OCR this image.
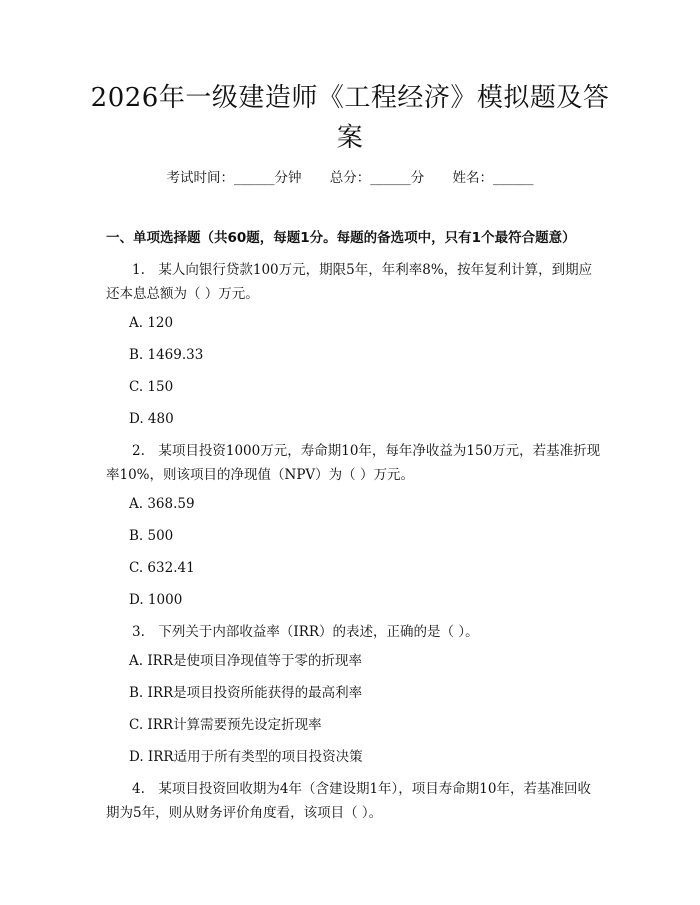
2026年一级建造师《工程经济》模拟题及答案
考试时间：______分钟 总分：______分 姓名：______
一、单项选择题（共60题，每题1分。每题的备选项中，只有1个最符合题意）
1.　某人向银行贷款100万元，期限5年，年利率8%，按年复利计算，到期应还本息总额为（ ）万元。
A. 120
B. 1469.33
C. 150
D. 480
2.　某项目投资1000万元，寿命期10年，每年净收益为150万元，若基准折现率10%，则该项目的净现值（NPV）为（ ）万元。
A. 368.59
B. 500
C. 632.41
D. 1000
3.　下列关于内部收益率（IRR）的表述，正确的是（ ）。
A. IRR是使项目净现值等于零的折现率
B. IRR是项目投资所能获得的最高利率
C. IRR计算需要预先设定折现率
D. IRR适用于所有类型的项目投资决策
4.　某项目投资回收期为4年（含建设期1年），项目寿命期10年，若基准回收期为5年，则从财务评价角度看，该项目（ ）。
